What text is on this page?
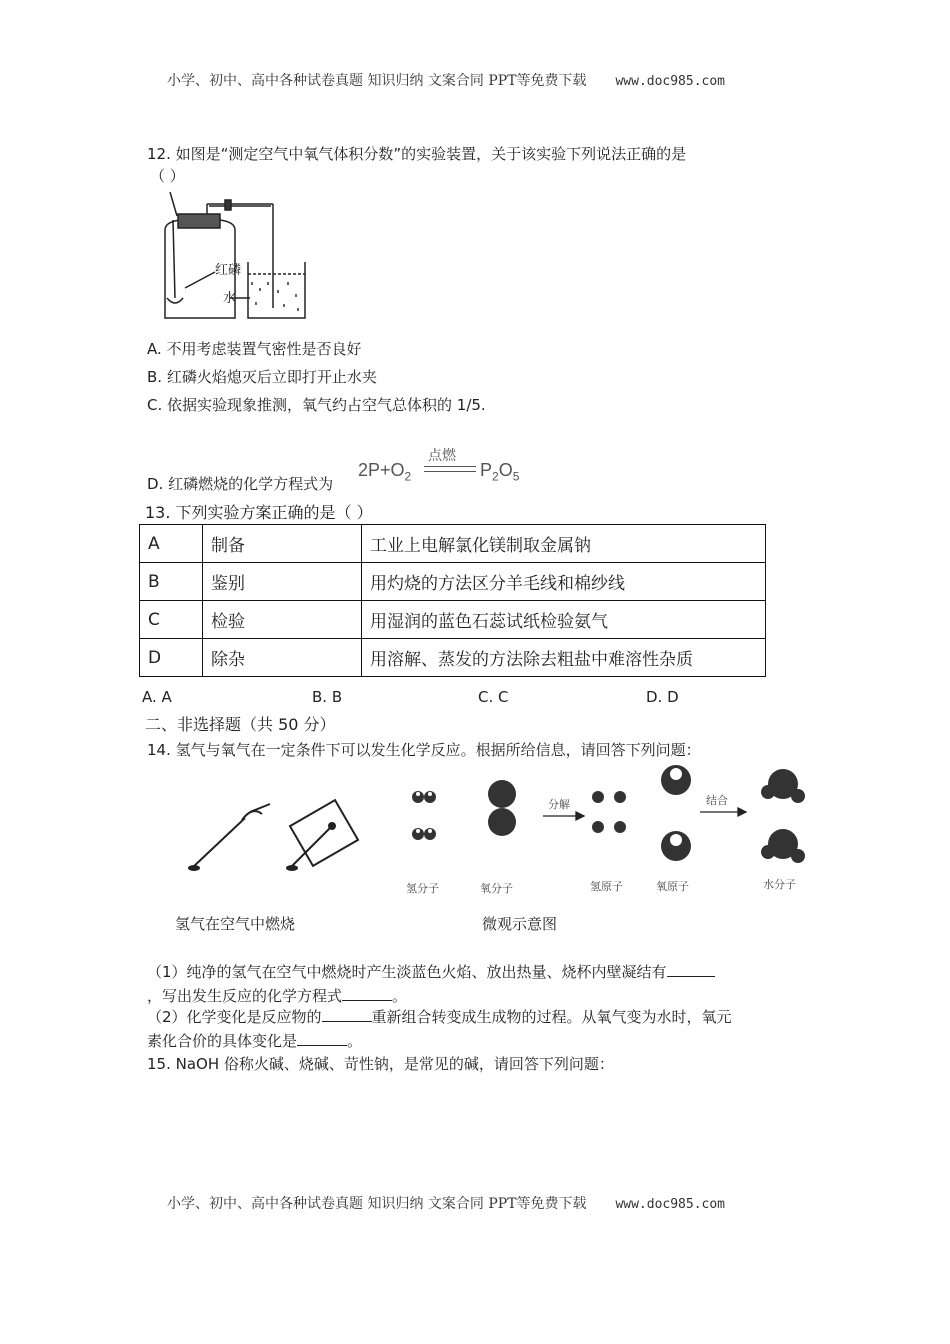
小学、初中、高中各种试卷真题 知识归纳 文案合同 PPT等免费下载 www.doc985.com
12. 如图是“测定空气中氧气体积分数”的实验装置，关于该实验下列说法正确的是
（ ）
红磷
水
A. 不用考虑装置气密性是否良好
B. 红磷火焰熄灭后立即打开止水夹
C. 依据实验现象推测，氧气约占空气总体积的 1/5.
D. 红磷燃烧的化学方程式为
$2P+O_2$
点燃
$P_2O_5$
13. 下列实验方案正确的是（ ）
A	制备	工业上电解氯化镁制取金属钠
B	鉴别	用灼烧的方法区分羊毛线和棉纱线
C	检验	用湿润的蓝色石蕊试纸检验氨气
D	除杂	用溶解、蒸发的方法除去粗盐中难溶性杂质
A. A	B. B	C. C	D. D
二、非选择题（共 50 分）
14. 氢气与氧气在一定条件下可以发生化学反应。根据所给信息，请回答下列问题：
分解	结合
氢分子	氧分子	氢原子	氧原子	水分子
氢气在空气中燃烧	微观示意图
（1）纯净的氢气在空气中燃烧时产生淡蓝色火焰、放出热量、烧杯内壁凝结有
，写出发生反应的化学方程式	。
（2）化学变化是反应物的	重新组合转变成生成物的过程。从氧气变为水时，氧元
素化合价的具体变化是	。
15. NaOH 俗称火碱、烧碱、苛性钠，是常见的碱，请回答下列问题：
小学、初中、高中各种试卷真题 知识归纳 文案合同 PPT等免费下载 www.doc985.com
